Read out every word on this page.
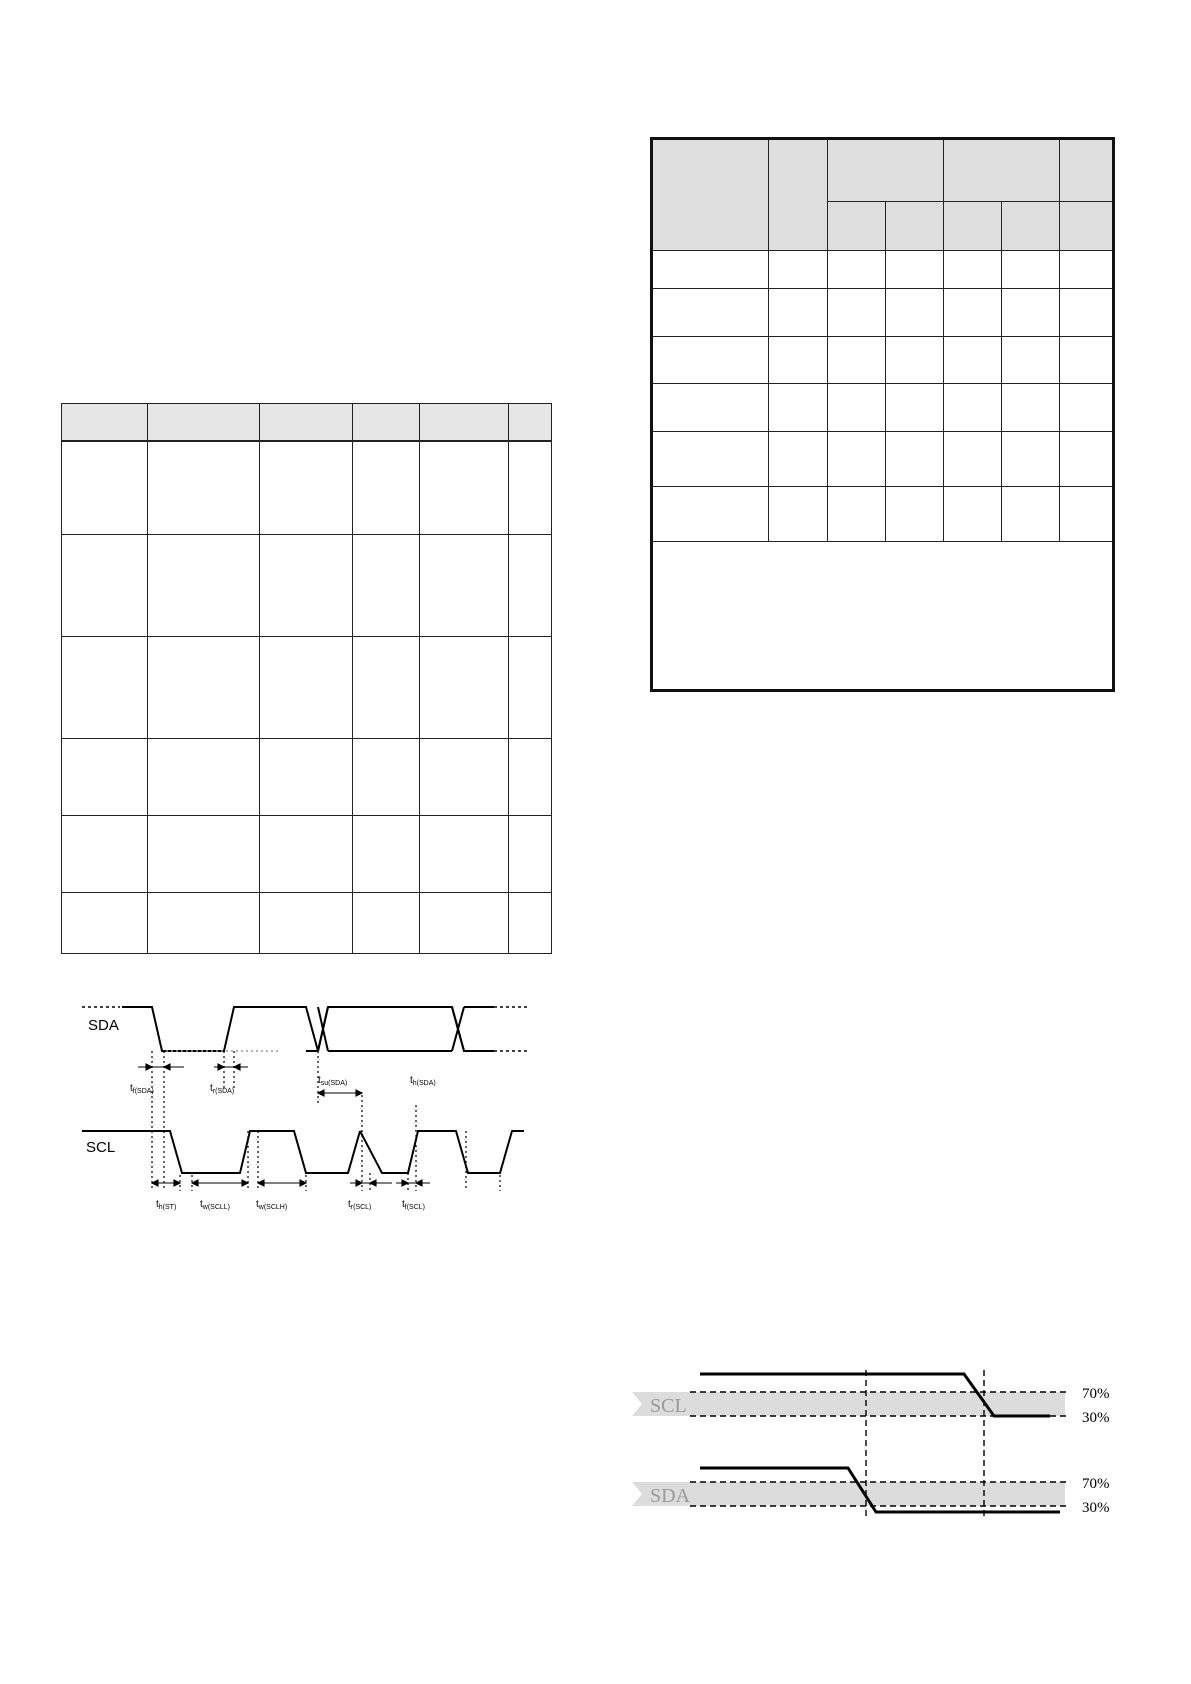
SDA
SCL
$t_{f(SDA)}$	$t_{r(SDA)}$
$t_{su(SDA)}$	$t_{h(SDA)}$
$t_{h(ST)}$ $t_{w(SCLL)}$	$t_{w(SCLH)}$	$t_{r(SCL)}$	$t_{f(SCL)}$
SCL
SDA
70%
30%
70%
30%
